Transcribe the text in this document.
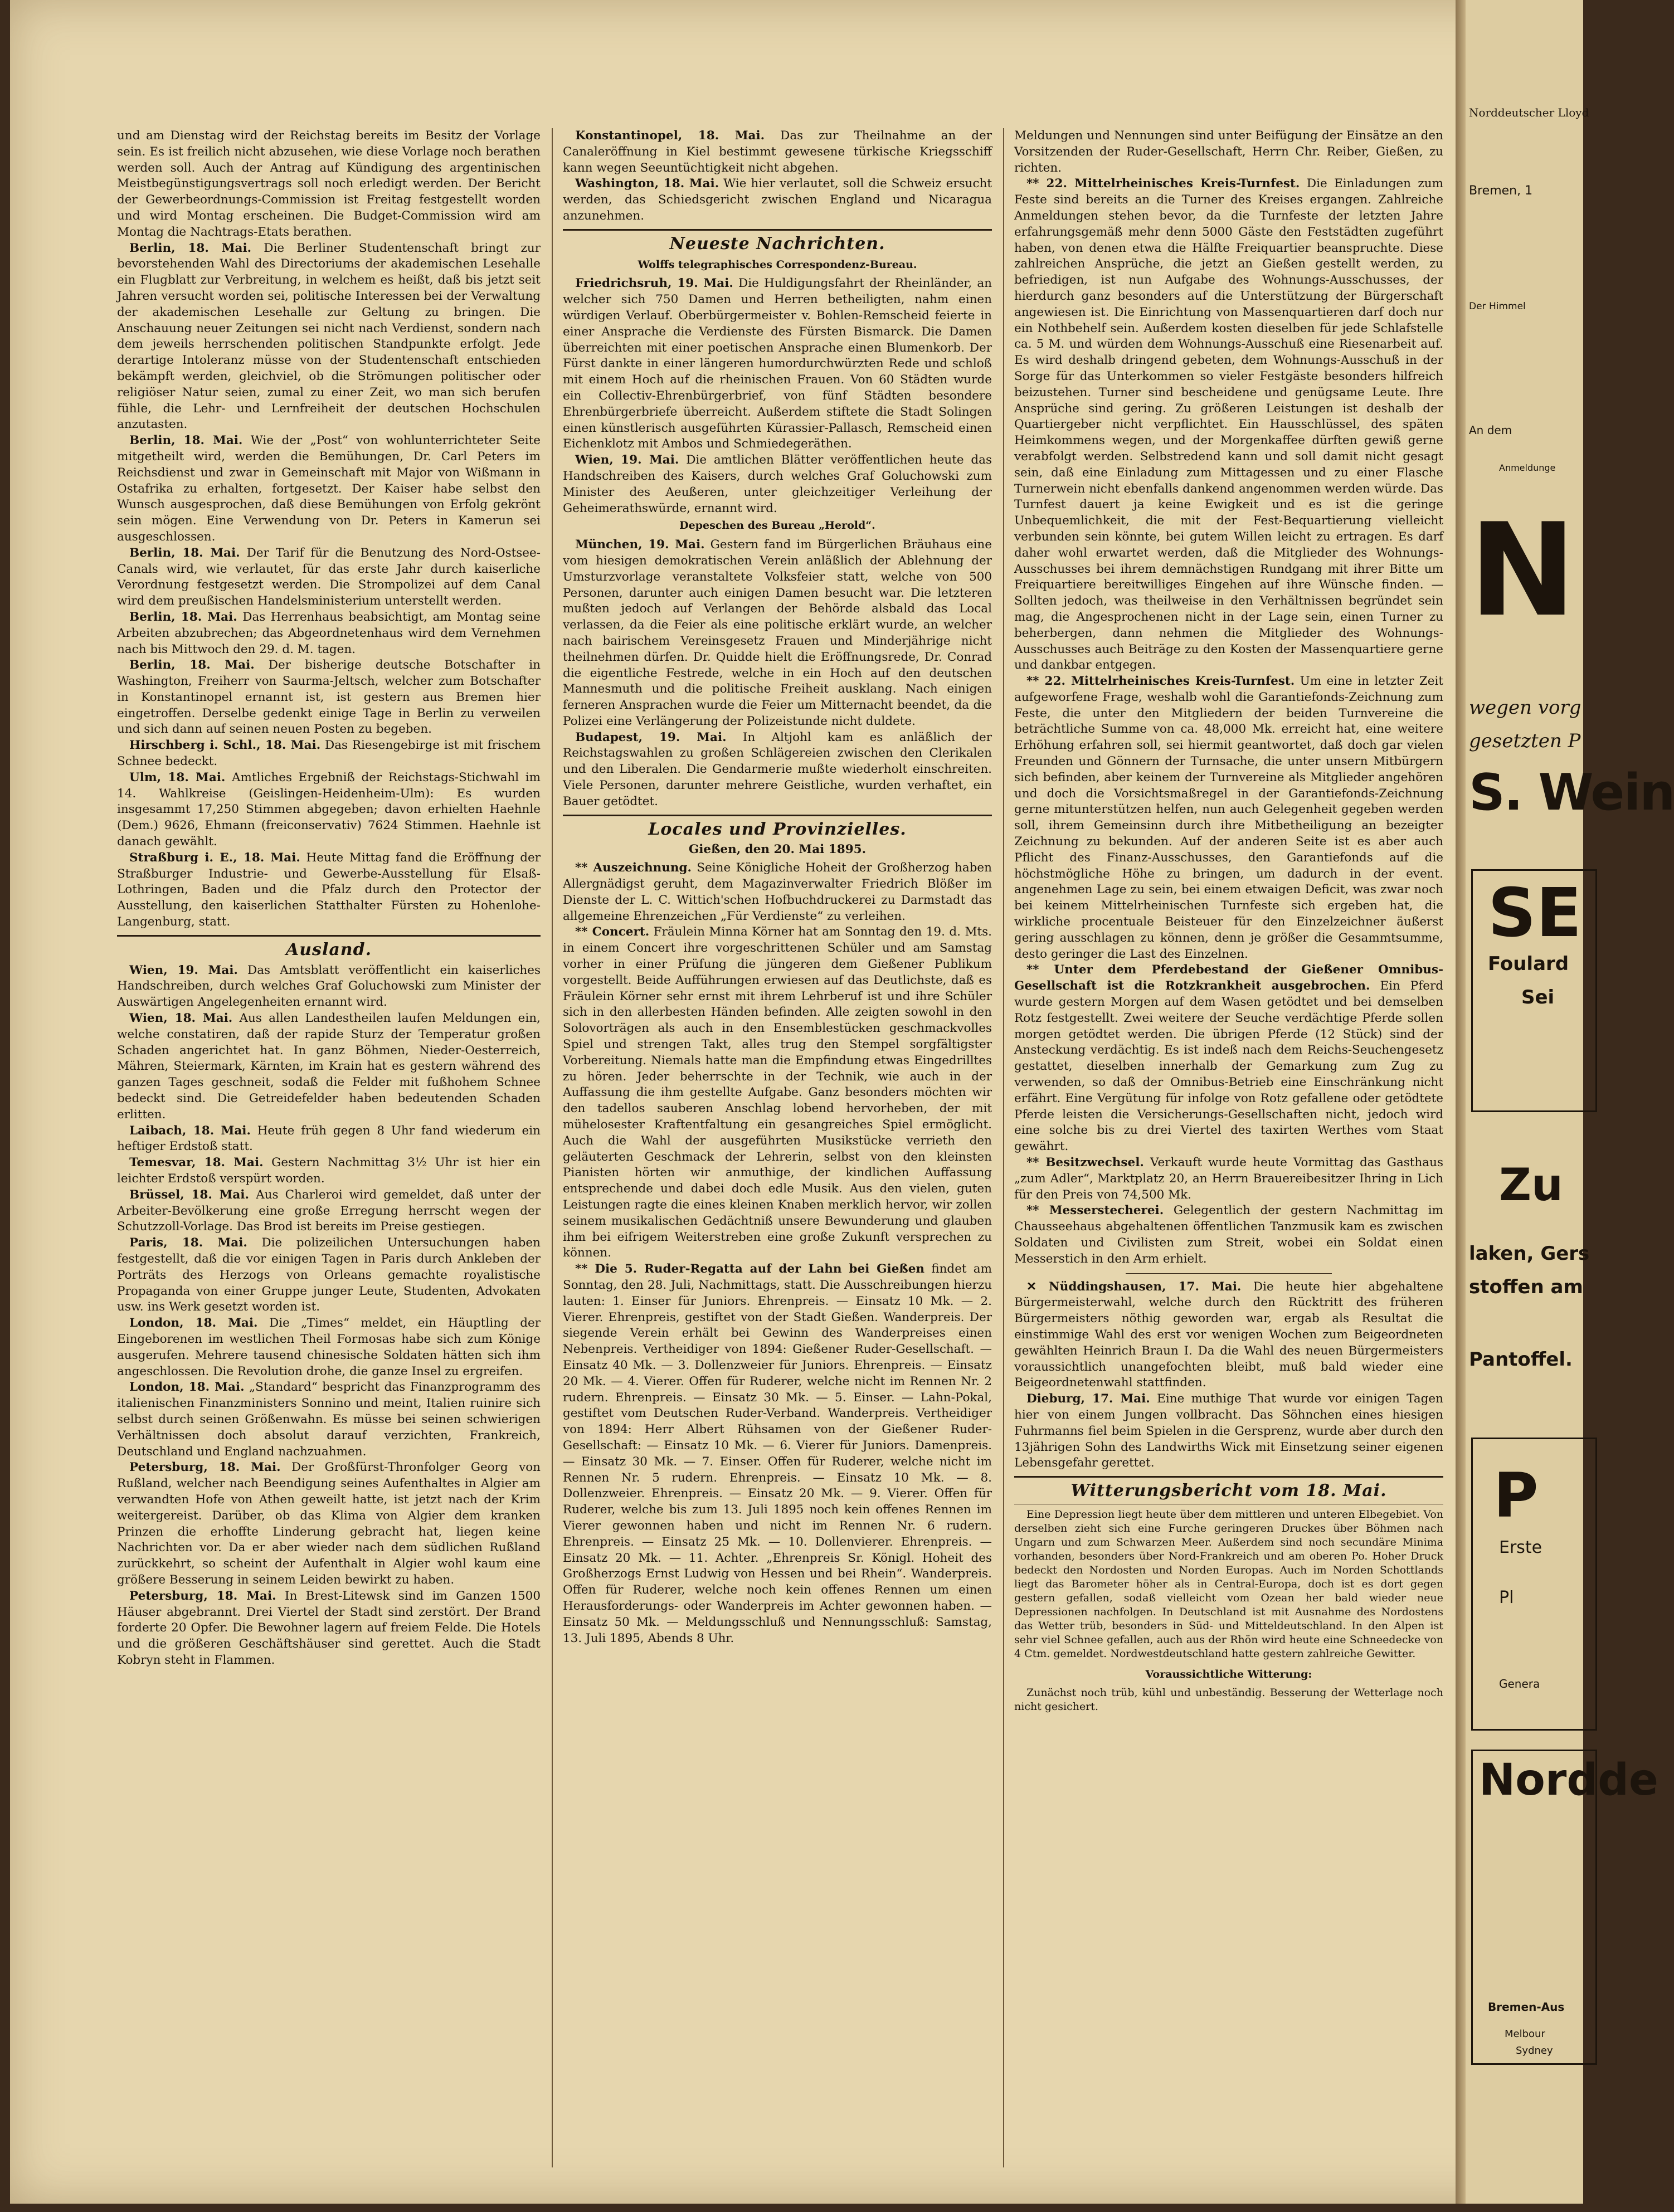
und am Dienstag wird der Reichstag bereits im Besitz der Vorlage sein. Es ist freilich nicht abzusehen, wie diese Vorlage noch berathen werden soll. Auch der Antrag auf Kündigung des argentinischen Meistbegünstigungsvertrags soll noch erledigt werden. Der Bericht der Gewerbeordnungs-Commission ist Freitag festgestellt worden und wird Montag erscheinen. Die Budget-Commission wird am Montag die Nachtrags-Etats berathen.

Berlin, 18. Mai. Die Berliner Studentenschaft bringt zur bevorstehenden Wahl des Directoriums der akademischen Lesehalle ein Flugblatt zur Verbreitung, in welchem es heißt, daß bis jetzt seit Jahren versucht worden sei, politische Interessen bei der Verwaltung der akademischen Lesehalle zur Geltung zu bringen. Die Anschauung neuer Zeitungen sei nicht nach Verdienst, sondern nach dem jeweils herrschenden politischen Standpunkte erfolgt. Jede derartige Intoleranz müsse von der Studentenschaft entschieden bekämpft werden, gleichviel, ob die Strömungen politischer oder religiöser Natur seien, zumal zu einer Zeit, wo man sich berufen fühle, die Lehr- und Lernfreiheit der deutschen Hochschulen anzutasten.

Berlin, 18. Mai. Wie der „Post“ von wohlunterrichteter Seite mitgetheilt wird, werden die Bemühungen, Dr. Carl Peters im Reichsdienst und zwar in Gemeinschaft mit Major von Wißmann in Ostafrika zu erhalten, fortgesetzt. Der Kaiser habe selbst den Wunsch ausgesprochen, daß diese Bemühungen von Erfolg gekrönt sein mögen. Eine Verwendung von Dr. Peters in Kamerun sei ausgeschlossen.

Berlin, 18. Mai. Der Tarif für die Benutzung des Nord-Ostsee-Canals wird, wie verlautet, für das erste Jahr durch kaiserliche Verordnung festgesetzt werden. Die Strompolizei auf dem Canal wird dem preußischen Handelsministerium unterstellt werden.

Berlin, 18. Mai. Das Herrenhaus beabsichtigt, am Montag seine Arbeiten abzubrechen; das Abgeordnetenhaus wird dem Vernehmen nach bis Mittwoch den 29. d. M. tagen.

Berlin, 18. Mai. Der bisherige deutsche Botschafter in Washington, Freiherr von Saurma-Jeltsch, welcher zum Botschafter in Konstantinopel ernannt ist, ist gestern aus Bremen hier eingetroffen. Derselbe gedenkt einige Tage in Berlin zu verweilen und sich dann auf seinen neuen Posten zu begeben.

Hirschberg i. Schl., 18. Mai. Das Riesengebirge ist mit frischem Schnee bedeckt.

Ulm, 18. Mai. Amtliches Ergebniß der Reichstags-Stichwahl im 14. Wahlkreise (Geislingen-Heidenheim-Ulm): Es wurden insgesammt 17,250 Stimmen abgegeben; davon erhielten Haehnle (Dem.) 9626, Ehmann (freiconservativ) 7624 Stimmen. Haehnle ist danach gewählt.

Straßburg i. E., 18. Mai. Heute Mittag fand die Eröffnung der Straßburger Industrie- und Gewerbe-Ausstellung für Elsaß-Lothringen, Baden und die Pfalz durch den Protector der Ausstellung, den kaiserlichen Statthalter Fürsten zu Hohenlohe-Langenburg, statt.

Ausland.

Wien, 19. Mai. Das Amtsblatt veröffentlicht ein kaiserliches Handschreiben, durch welches Graf Goluchowski zum Minister der Auswärtigen Angelegenheiten ernannt wird.

Wien, 18. Mai. Aus allen Landestheilen laufen Meldungen ein, welche constatiren, daß der rapide Sturz der Temperatur großen Schaden angerichtet hat. In ganz Böhmen, Nieder-Oesterreich, Mähren, Steiermark, Kärnten, im Krain hat es gestern während des ganzen Tages geschneit, sodaß die Felder mit fußhohem Schnee bedeckt sind. Die Getreidefelder haben bedeutenden Schaden erlitten.

Laibach, 18. Mai. Heute früh gegen 8 Uhr fand wiederum ein heftiger Erdstoß statt.

Temesvar, 18. Mai. Gestern Nachmittag 3½ Uhr ist hier ein leichter Erdstoß verspürt worden.

Brüssel, 18. Mai. Aus Charleroi wird gemeldet, daß unter der Arbeiter-Bevölkerung eine große Erregung herrscht wegen der Schutzzoll-Vorlage. Das Brod ist bereits im Preise gestiegen.

Paris, 18. Mai. Die polizeilichen Untersuchungen haben festgestellt, daß die vor einigen Tagen in Paris durch Ankleben der Porträts des Herzogs von Orleans gemachte royalistische Propaganda von einer Gruppe junger Leute, Studenten, Advokaten usw. ins Werk gesetzt worden ist.

London, 18. Mai. Die „Times“ meldet, ein Häuptling der Eingeborenen im westlichen Theil Formosas habe sich zum Könige ausgerufen. Mehrere tausend chinesische Soldaten hätten sich ihm angeschlossen. Die Revolution drohe, die ganze Insel zu ergreifen.

London, 18. Mai. „Standard“ bespricht das Finanzprogramm des italienischen Finanzministers Sonnino und meint, Italien ruinire sich selbst durch seinen Größenwahn. Es müsse bei seinen schwierigen Verhältnissen doch absolut darauf verzichten, Frankreich, Deutschland und England nachzuahmen.

Petersburg, 18. Mai. Der Großfürst-Thronfolger Georg von Rußland, welcher nach Beendigung seines Aufenthaltes in Algier am verwandten Hofe von Athen geweilt hatte, ist jetzt nach der Krim weitergereist. Darüber, ob das Klima von Algier dem kranken Prinzen die erhoffte Linderung gebracht hat, liegen keine Nachrichten vor. Da er aber wieder nach dem südlichen Rußland zurückkehrt, so scheint der Aufenthalt in Algier wohl kaum eine größere Besserung in seinem Leiden bewirkt zu haben.

Petersburg, 18. Mai. In Brest-Litewsk sind im Ganzen 1500 Häuser abgebrannt. Drei Viertel der Stadt sind zerstört. Der Brand forderte 20 Opfer. Die Bewohner lagern auf freiem Felde. Die Hotels und die größeren Geschäftshäuser sind gerettet. Auch die Stadt Kobryn steht in Flammen.

Konstantinopel, 18. Mai. Das zur Theilnahme an der Canaleröffnung in Kiel bestimmt gewesene türkische Kriegsschiff kann wegen Seeuntüchtigkeit nicht abgehen.

Washington, 18. Mai. Wie hier verlautet, soll die Schweiz ersucht werden, das Schiedsgericht zwischen England und Nicaragua anzunehmen.

Neueste Nachrichten.
Wolffs telegraphisches Correspondenz-Bureau.

Friedrichsruh, 19. Mai. Die Huldigungsfahrt der Rheinländer, an welcher sich 750 Damen und Herren betheiligten, nahm einen würdigen Verlauf. Oberbürgermeister v. Bohlen-Remscheid feierte in einer Ansprache die Verdienste des Fürsten Bismarck. Die Damen überreichten mit einer poetischen Ansprache einen Blumenkorb. Der Fürst dankte in einer längeren humordurchwürzten Rede und schloß mit einem Hoch auf die rheinischen Frauen. Von 60 Städten wurde ein Collectiv-Ehrenbürgerbrief, von fünf Städten besondere Ehrenbürgerbriefe überreicht. Außerdem stiftete die Stadt Solingen einen künstlerisch ausgeführten Kürassier-Pallasch, Remscheid einen Eichenklotz mit Ambos und Schmiedegeräthen.

Wien, 19. Mai. Die amtlichen Blätter veröffentlichen heute das Handschreiben des Kaisers, durch welches Graf Goluchowski zum Minister des Aeußeren, unter gleichzeitiger Verleihung der Geheimerathswürde, ernannt wird.

Depeschen des Bureau „Herold“.

München, 19. Mai. Gestern fand im Bürgerlichen Bräuhaus eine vom hiesigen demokratischen Verein anläßlich der Ablehnung der Umsturzvorlage veranstaltete Volksfeier statt, welche von 500 Personen, darunter auch einigen Damen besucht war. Die letzteren mußten jedoch auf Verlangen der Behörde alsbald das Local verlassen, da die Feier als eine politische erklärt wurde, an welcher nach bairischem Vereinsgesetz Frauen und Minderjährige nicht theilnehmen dürfen. Dr. Quidde hielt die Eröffnungsrede, Dr. Conrad die eigentliche Festrede, welche in ein Hoch auf den deutschen Mannesmuth und die politische Freiheit ausklang. Nach einigen ferneren Ansprachen wurde die Feier um Mitternacht beendet, da die Polizei eine Verlängerung der Polizeistunde nicht duldete.

Budapest, 19. Mai. In Altjohl kam es anläßlich der Reichstagswahlen zu großen Schlägereien zwischen den Clerikalen und den Liberalen. Die Gendarmerie mußte wiederholt einschreiten. Viele Personen, darunter mehrere Geistliche, wurden verhaftet, ein Bauer getödtet.

Locales und Provinzielles.
Gießen, den 20. Mai 1895.

** Auszeichnung. Seine Königliche Hoheit der Großherzog haben Allergnädigst geruht, dem Magazinverwalter Friedrich Blößer im Dienste der L. C. Wittich'schen Hofbuchdruckerei zu Darmstadt das allgemeine Ehrenzeichen „Für Verdienste“ zu verleihen.

** Concert. Fräulein Minna Körner hat am Sonntag den 19. d. Mts. in einem Concert ihre vorgeschrittenen Schüler und am Samstag vorher in einer Prüfung die jüngeren dem Gießener Publikum vorgestellt. Beide Aufführungen erwiesen auf das Deutlichste, daß es Fräulein Körner sehr ernst mit ihrem Lehrberuf ist und ihre Schüler sich in den allerbesten Händen befinden. Alle zeigten sowohl in den Solovorträgen als auch in den Ensemblestücken geschmackvolles Spiel und strengen Takt, alles trug den Stempel sorgfältigster Vorbereitung. Niemals hatte man die Empfindung etwas Eingedrilltes zu hören. Jeder beherrschte in der Technik, wie auch in der Auffassung die ihm gestellte Aufgabe. Ganz besonders möchten wir den tadellos sauberen Anschlag lobend hervorheben, der mit mühelosester Kraftentfaltung ein gesangreiches Spiel ermöglicht. Auch die Wahl der ausgeführten Musikstücke verrieth den geläuterten Geschmack der Lehrerin, selbst von den kleinsten Pianisten hörten wir anmuthige, der kindlichen Auffassung entsprechende und dabei doch edle Musik. Aus den vielen, guten Leistungen ragte die eines kleinen Knaben merklich hervor, wir zollen seinem musikalischen Gedächtniß unsere Bewunderung und glauben ihm bei eifrigem Weiterstreben eine große Zukunft versprechen zu können.

** Die 5. Ruder-Regatta auf der Lahn bei Gießen findet am Sonntag, den 28. Juli, Nachmittags, statt. Die Ausschreibungen hierzu lauten: 1. Einser für Juniors. Ehrenpreis. — Einsatz 10 Mk. — 2. Vierer. Ehrenpreis, gestiftet von der Stadt Gießen. Wanderpreis. Der siegende Verein erhält bei Gewinn des Wanderpreises einen Nebenpreis. Vertheidiger von 1894: Gießener Ruder-Gesellschaft. — Einsatz 40 Mk. — 3. Dollenzweier für Juniors. Ehrenpreis. — Einsatz 20 Mk. — 4. Vierer. Offen für Ruderer, welche nicht im Rennen Nr. 2 rudern. Ehrenpreis. — Einsatz 30 Mk. — 5. Einser. — Lahn-Pokal, gestiftet vom Deutschen Ruder-Verband. Wanderpreis. Vertheidiger von 1894: Herr Albert Rühsamen von der Gießener Ruder-Gesellschaft: — Einsatz 10 Mk. — 6. Vierer für Juniors. Damenpreis. — Einsatz 30 Mk. — 7. Einser. Offen für Ruderer, welche nicht im Rennen Nr. 5 rudern. Ehrenpreis. — Einsatz 10 Mk. — 8. Dollenzweier. Ehrenpreis. — Einsatz 20 Mk. — 9. Vierer. Offen für Ruderer, welche bis zum 13. Juli 1895 noch kein offenes Rennen im Vierer gewonnen haben und nicht im Rennen Nr. 6 rudern. Ehrenpreis. — Einsatz 25 Mk. — 10. Dollenvierer. Ehrenpreis. — Einsatz 20 Mk. — 11. Achter. „Ehrenpreis Sr. Königl. Hoheit des Großherzogs Ernst Ludwig von Hessen und bei Rhein“. Wanderpreis. Offen für Ruderer, welche noch kein offenes Rennen um einen Herausforderungs- oder Wanderpreis im Achter gewonnen haben. — Einsatz 50 Mk. — Meldungsschluß und Nennungsschluß: Samstag, 13. Juli 1895, Abends 8 Uhr.

Meldungen und Nennungen sind unter Beifügung der Einsätze an den Vorsitzenden der Ruder-Gesellschaft, Herrn Chr. Reiber, Gießen, zu richten.

** 22. Mittelrheinisches Kreis-Turnfest. Die Einladungen zum Feste sind bereits an die Turner des Kreises ergangen. Zahlreiche Anmeldungen stehen bevor, da die Turnfeste der letzten Jahre erfahrungsgemäß mehr denn 5000 Gäste den Feststädten zugeführt haben, von denen etwa die Hälfte Freiquartier beanspruchte. Diese zahlreichen Ansprüche, die jetzt an Gießen gestellt werden, zu befriedigen, ist nun Aufgabe des Wohnungs-Ausschusses, der hierdurch ganz besonders auf die Unterstützung der Bürgerschaft angewiesen ist. Die Einrichtung von Massenquartieren darf doch nur ein Nothbehelf sein. Außerdem kosten dieselben für jede Schlafstelle ca. 5 M. und würden dem Wohnungs-Ausschuß eine Riesenarbeit auf. Es wird deshalb dringend gebeten, dem Wohnungs-Ausschuß in der Sorge für das Unterkommen so vieler Festgäste besonders hilfreich beizustehen. Turner sind bescheidene und genügsame Leute. Ihre Ansprüche sind gering. Zu größeren Leistungen ist deshalb der Quartiergeber nicht verpflichtet. Ein Hausschlüssel, des späten Heimkommens wegen, und der Morgenkaffee dürften gewiß gerne verabfolgt werden. Selbstredend kann und soll damit nicht gesagt sein, daß eine Einladung zum Mittagessen und zu einer Flasche Turnerwein nicht ebenfalls dankend angenommen werden würde. Das Turnfest dauert ja keine Ewigkeit und es ist die geringe Unbequemlichkeit, die mit der Fest-Bequartierung vielleicht verbunden sein könnte, bei gutem Willen leicht zu ertragen. Es darf daher wohl erwartet werden, daß die Mitglieder des Wohnungs-Ausschusses bei ihrem demnächstigen Rundgang mit ihrer Bitte um Freiquartiere bereitwilliges Eingehen auf ihre Wünsche finden. — Sollten jedoch, was theilweise in den Verhältnissen begründet sein mag, die Angesprochenen nicht in der Lage sein, einen Turner zu beherbergen, dann nehmen die Mitglieder des Wohnungs-Ausschusses auch Beiträge zu den Kosten der Massenquartiere gerne und dankbar entgegen.

** 22. Mittelrheinisches Kreis-Turnfest. Um eine in letzter Zeit aufgeworfene Frage, weshalb wohl die Garantiefonds-Zeichnung zum Feste, die unter den Mitgliedern der beiden Turnvereine die beträchtliche Summe von ca. 48,000 Mk. erreicht hat, eine weitere Erhöhung erfahren soll, sei hiermit geantwortet, daß doch gar vielen Freunden und Gönnern der Turnsache, die unter unsern Mitbürgern sich befinden, aber keinem der Turnvereine als Mitglieder angehören und doch die Vorsichtsmaßregel in der Garantiefonds-Zeichnung gerne mitunterstützen helfen, nun auch Gelegenheit gegeben werden soll, ihrem Gemeinsinn durch ihre Mitbetheiligung an bezeigter Zeichnung zu bekunden. Auf der anderen Seite ist es aber auch Pflicht des Finanz-Ausschusses, den Garantiefonds auf die höchstmögliche Höhe zu bringen, um dadurch in der event. angenehmen Lage zu sein, bei einem etwaigen Deficit, was zwar noch bei keinem Mittelrheinischen Turnfeste sich ergeben hat, die wirkliche procentuale Beisteuer für den Einzelzeichner äußerst gering ausschlagen zu können, denn je größer die Gesammtsumme, desto geringer die Last des Einzelnen.

** Unter dem Pferdebestand der Gießener Omnibus-Gesellschaft ist die Rotzkrankheit ausgebrochen. Ein Pferd wurde gestern Morgen auf dem Wasen getödtet und bei demselben Rotz festgestellt. Zwei weitere der Seuche verdächtige Pferde sollen morgen getödtet werden. Die übrigen Pferde (12 Stück) sind der Ansteckung verdächtig. Es ist indeß nach dem Reichs-Seuchengesetz gestattet, dieselben innerhalb der Gemarkung zum Zug zu verwenden, so daß der Omnibus-Betrieb eine Einschränkung nicht erfährt. Eine Vergütung für infolge von Rotz gefallene oder getödtete Pferde leisten die Versicherungs-Gesellschaften nicht, jedoch wird eine solche bis zu drei Viertel des taxirten Werthes vom Staat gewährt.

** Besitzwechsel. Verkauft wurde heute Vormittag das Gasthaus „zum Adler“, Marktplatz 20, an Herrn Brauereibesitzer Ihring in Lich für den Preis von 74,500 Mk.

** Messerstecherei. Gelegentlich der gestern Nachmittag im Chausseehaus abgehaltenen öffentlichen Tanzmusik kam es zwischen Soldaten und Civilisten zum Streit, wobei ein Soldat einen Messerstich in den Arm erhielt.

✕ Nüddingshausen, 17. Mai. Die heute hier abgehaltene Bürgermeisterwahl, welche durch den Rücktritt des früheren Bürgermeisters nöthig geworden war, ergab als Resultat die einstimmige Wahl des erst vor wenigen Wochen zum Beigeordneten gewählten Heinrich Braun I. Da die Wahl des neuen Bürgermeisters voraussichtlich unangefochten bleibt, muß bald wieder eine Beigeordnetenwahl stattfinden.

Dieburg, 17. Mai. Eine muthige That wurde vor einigen Tagen hier von einem Jungen vollbracht. Das Söhnchen eines hiesigen Fuhrmanns fiel beim Spielen in die Gersprenz, wurde aber durch den 13jährigen Sohn des Landwirths Wick mit Einsetzung seiner eigenen Lebensgefahr gerettet.

Witterungsbericht vom 18. Mai.

Eine Depression liegt heute über dem mittleren und unteren Elbegebiet. Von derselben zieht sich eine Furche geringeren Druckes über Böhmen nach Ungarn und zum Schwarzen Meer. Außerdem sind noch secundäre Minima vorhanden, besonders über Nord-Frankreich und am oberen Po. Hoher Druck bedeckt den Nordosten und Norden Europas. Auch im Norden Schottlands liegt das Barometer höher als in Central-Europa, doch ist es dort gegen gestern gefallen, sodaß vielleicht vom Ozean her bald wieder neue Depressionen nachfolgen. In Deutschland ist mit Ausnahme des Nordostens das Wetter trüb, besonders in Süd- und Mitteldeutschland. In den Alpen ist sehr viel Schnee gefallen, auch aus der Rhön wird heute eine Schneedecke von 4 Ctm. gemeldet. Nordwestdeutschland hatte gestern zahlreiche Gewitter.

Voraussichtliche Witterung:

Zunächst noch trüb, kühl und unbeständig. Besserung der Wetterlage noch nicht gesichert.

Norddeutscher Lloyd
Bremen, 1
Der Himmel
An dem
Anmeldunge
N
wegen vorg
gesetzten P
S. Wein
SE
Foulard
Sei
Zu
laken, Gers
stoffen am
Pantoffel.
P
Erste
Pl
Genera
Nordde
Bremen-Aus
Melbour
Sydney
